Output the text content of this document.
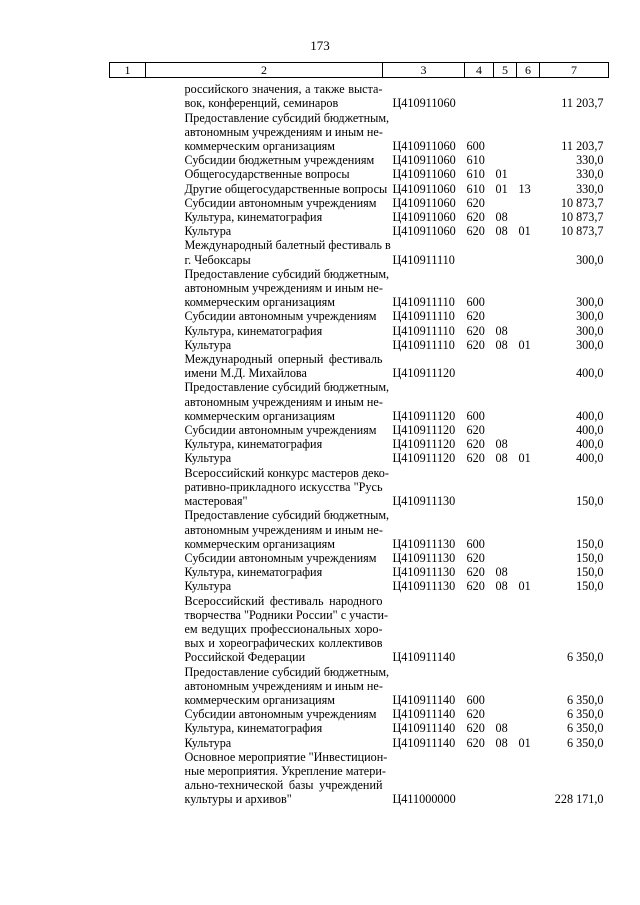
173
1	2	3	4	5	6	7

	российского значения, а также выста-
вок, конференций, семинаров	Ц410911060				11 203,7

	Предоставление субсидий бюджетным,
автономным учреждениям и иным не-
коммерческим организациям	Ц410911060	600			11 203,7

	Субсидии бюджетным учреждениям	Ц410911060	610			330,0

	Общегосударственные вопросы	Ц410911060	610	01		330,0

	Другие общегосударственные вопросы	Ц410911060	610	01	13	330,0

	Субсидии автономным учреждениям	Ц410911060	620			10 873,7

	Культура, кинематография	Ц410911060	620	08		10 873,7

	Культура	Ц410911060	620	08	01	10 873,7

	Международный балетный фестиваль в
г. Чебоксары	Ц410911110				300,0

	Предоставление субсидий бюджетным,
автономным учреждениям и иным не-
коммерческим организациям	Ц410911110	600			300,0

	Субсидии автономным учреждениям	Ц410911110	620			300,0

	Культура, кинематография	Ц410911110	620	08		300,0

	Культура	Ц410911110	620	08	01	300,0

	Международный оперный фестиваль
имени М.Д. Михайлова	Ц410911120				400,0

	Предоставление субсидий бюджетным,
автономным учреждениям и иным не-
коммерческим организациям	Ц410911120	600			400,0

	Субсидии автономным учреждениям	Ц410911120	620			400,0

	Культура, кинематография	Ц410911120	620	08		400,0

	Культура	Ц410911120	620	08	01	400,0

	Всероссийский конкурс мастеров деко-
ративно-прикладного искусства "Русь
мастеровая"	Ц410911130				150,0

	Предоставление субсидий бюджетным,
автономным учреждениям и иным не-
коммерческим организациям	Ц410911130	600			150,0

	Субсидии автономным учреждениям	Ц410911130	620			150,0

	Культура, кинематография	Ц410911130	620	08		150,0

	Культура	Ц410911130	620	08	01	150,0

	Всероссийский фестиваль народного
творчества "Родники России" с участи-
ем ведущих профессиональных хоро-
вых и хореографических коллективов
Российской Федерации	Ц410911140				6 350,0

	Предоставление субсидий бюджетным,
автономным учреждениям и иным не-
коммерческим организациям	Ц410911140	600			6 350,0

	Субсидии автономным учреждениям	Ц410911140	620			6 350,0

	Культура, кинематография	Ц410911140	620	08		6 350,0

	Культура	Ц410911140	620	08	01	6 350,0

	Основное мероприятие "Инвестицион-
ные мероприятия. Укрепление матери-
ально-технической базы учреждений
культуры и архивов"	Ц411000000				228 171,0
